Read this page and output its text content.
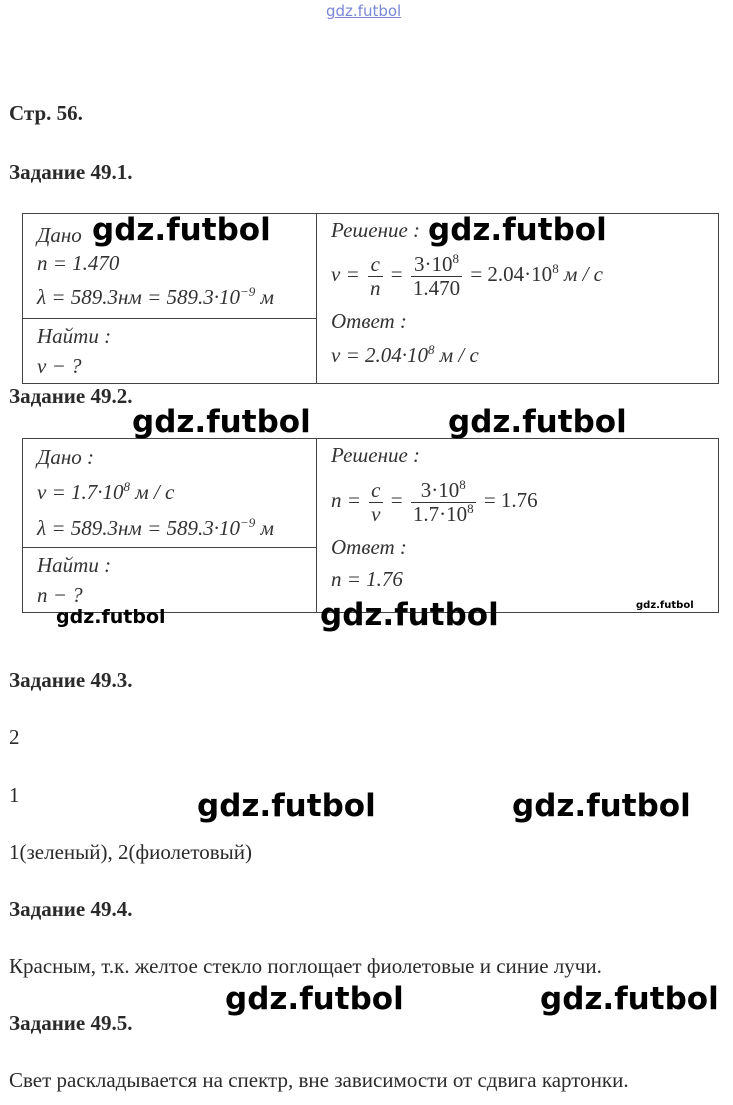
gdz.futbol
Стр. 56.
Задание 49.1.
Дано
n = 1.470
$\lambda = 589.3нм = 589.3\cdot 10^{-9}$ м

Решение :
$v = \frac{c}{n} = \frac{3\cdot 10^8}{1.470} = 2.04\cdot 10^8$ м / с
Ответ :
$v = 2.04\cdot 10^8$ м / с

Найти :
v − ?
Задание 49.2.
Дано :
$v = 1.7\cdot 10^8$ м / с
$\lambda = 589.3нм = 589.3\cdot 10^{-9}$ м

Решение :
$n = \frac{c}{v} = \frac{3\cdot 10^8}{1.7\cdot 10^8} = 1.76$
Ответ :
n = 1.76

Найти :
n − ?
Задание 49.3.
2
1
1(зеленый), 2(фиолетовый)
Задание 49.4.
Красным, т.к. желтое стекло поглощает фиолетовые и синие лучи.
Задание 49.5.
Свет раскладывается на спектр, вне зависимости от сдвига картонки.
gdz.futbol	gdz.futbol
gdz.futbol	gdz.futbol
gdz.futbol	gdz.futbol	gdz.futbol
gdz.futbol	gdz.futbol
gdz.futbol	gdz.futbol
